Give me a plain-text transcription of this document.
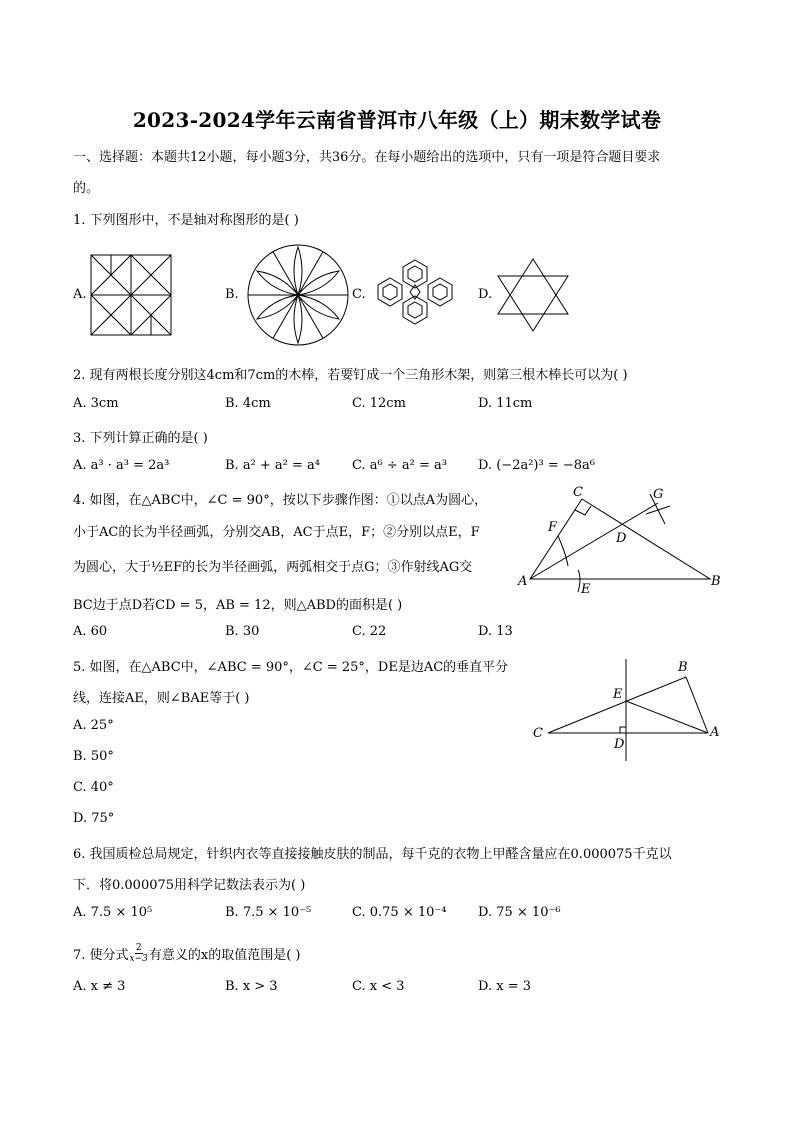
2023-2024学年云南省普洱市八年级（上）期末数学试卷
一、选择题：本题共12小题，每小题3分，共36分。在每小题给出的选项中，只有一项是符合题目要求
的。
1. 下列图形中，不是轴对称图形的是( )
A.	B.	C.	D.
2. 现有两根长度分别这4cm和7cm的木棒，若要钉成一个三角形木架，则第三根木棒长可以为( )
A. 3cm	B. 4cm	C. 12cm	D. 11cm
3. 下列计算正确的是( )
A. a³ · a³ = 2a³	B. a² + a² = a⁴ C. a⁶ ÷ a² = a³ D. (−2a²)³ = −8a⁶
4. 如图，在△ABC中，∠C = 90°，按以下步骤作图：①以点A为圆心，
小于AC的长为半径画弧，分别交AB，AC于点E，F；②分别以点E，F
为圆心，大于½EF的长为半径画弧，两弧相交于点G；③作射线AG交
BC边于点D若CD = 5，AB = 12，则△ABD的面积是( )
A. 60	B. 30	C. 22	D. 13
A	B
C
D
E
F
G
5. 如图，在△ABC中，∠ABC = 90°，∠C = 25°，DE是边AC的垂直平分
线，连接AE，则∠BAE等于( )
A. 25°
B. 50°
C. 40°
D. 75°
C	A
B
E
D
6. 我国质检总局规定，针织内衣等直接接触皮肤的制品，每千克的衣物上甲醛含量应在0.000075千克以
下．将0.000075用科学记数法表示为( )
A. 7.5 × 10⁵	B. 7.5 × 10⁻⁵	C. 0.75 × 10⁻⁴ D. 75 × 10⁻⁶
7. 使分式 $\frac{2}{x-3}$ 有意义的x的取值范围是( )
A. x ≠ 3	B. x > 3	C. x < 3	D. x = 3
